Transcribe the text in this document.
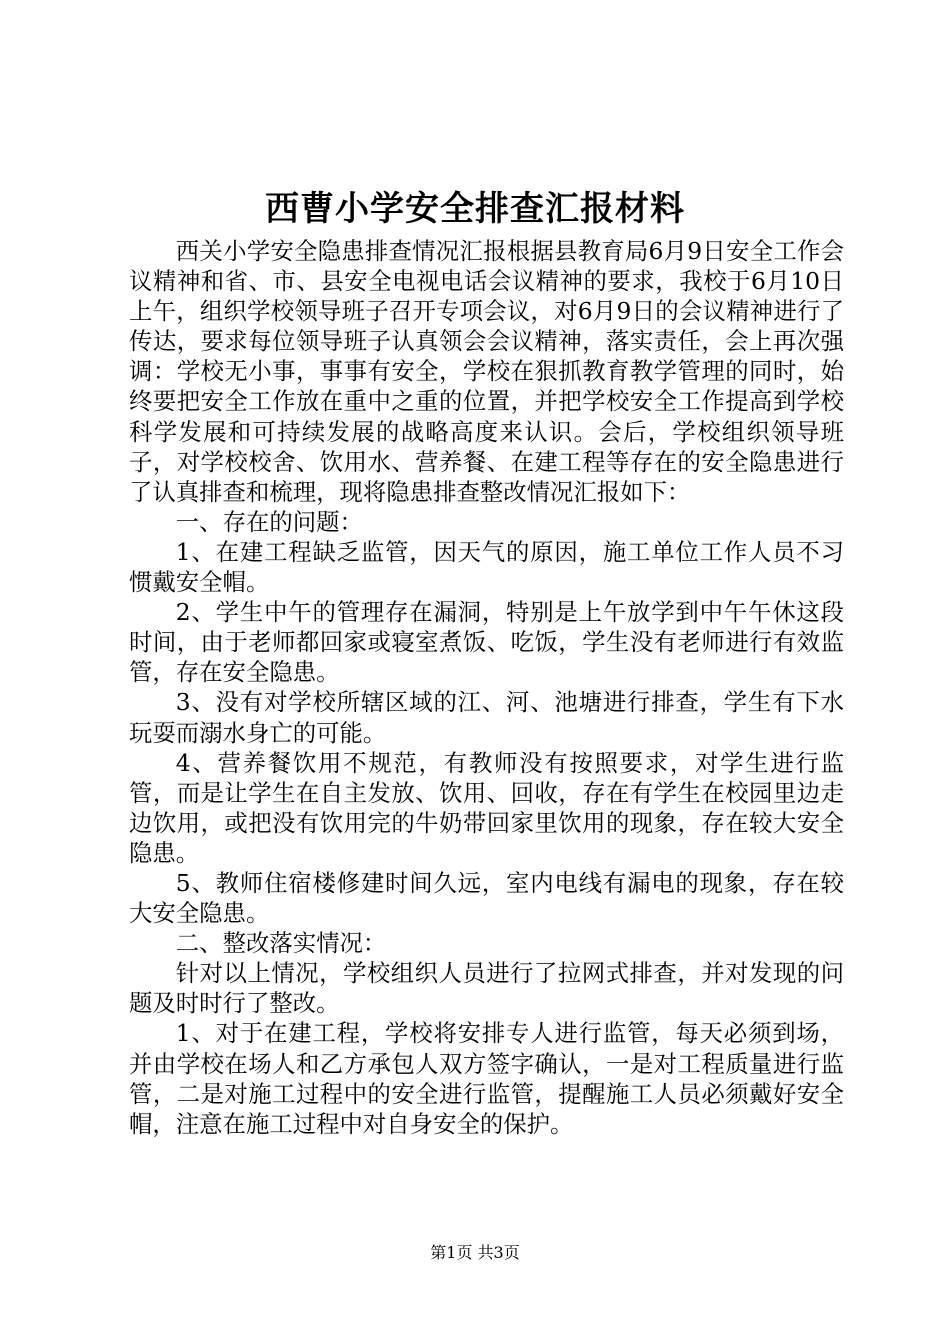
西曹小学安全排查汇报材料

西关小学安全隐患排查情况汇报根据县教育局6月9日安全工作会议精神和省、市、县安全电视电话会议精神的要求，我校于6月10日上午，组织学校领导班子召开专项会议，对6月9日的会议精神进行了传达，要求每位领导班子认真领会会议精神，落实责任，会上再次强调：学校无小事，事事有安全，学校在狠抓教育教学管理的同时，始终要把安全工作放在重中之重的位置，并把学校安全工作提高到学校科学发展和可持续发展的战略高度来认识。会后，学校组织领导班子，对学校校舍、饮用水、营养餐、在建工程等存在的安全隐患进行了认真排查和梳理，现将隐患排查整改情况汇报如下：

一、存在的问题：

1、在建工程缺乏监管，因天气的原因，施工单位工作人员不习惯戴安全帽。

2、学生中午的管理存在漏洞，特别是上午放学到中午午休这段时间，由于老师都回家或寝室煮饭、吃饭，学生没有老师进行有效监管，存在安全隐患。

3、没有对学校所辖区域的江、河、池塘进行排查，学生有下水玩耍而溺水身亡的可能。

4、营养餐饮用不规范，有教师没有按照要求，对学生进行监管，而是让学生在自主发放、饮用、回收，存在有学生在校园里边走边饮用，或把没有饮用完的牛奶带回家里饮用的现象，存在较大安全隐患。

5、教师住宿楼修建时间久远，室内电线有漏电的现象，存在较大安全隐患。

二、整改落实情况：

针对以上情况，学校组织人员进行了拉网式排查，并对发现的问题及时时行了整改。

1、对于在建工程，学校将安排专人进行监管，每天必须到场，并由学校在场人和乙方承包人双方签字确认，一是对工程质量进行监管，二是对施工过程中的安全进行监管，提醒施工人员必须戴好安全帽，注意在施工过程中对自身安全的保护。

第1页 共3页
